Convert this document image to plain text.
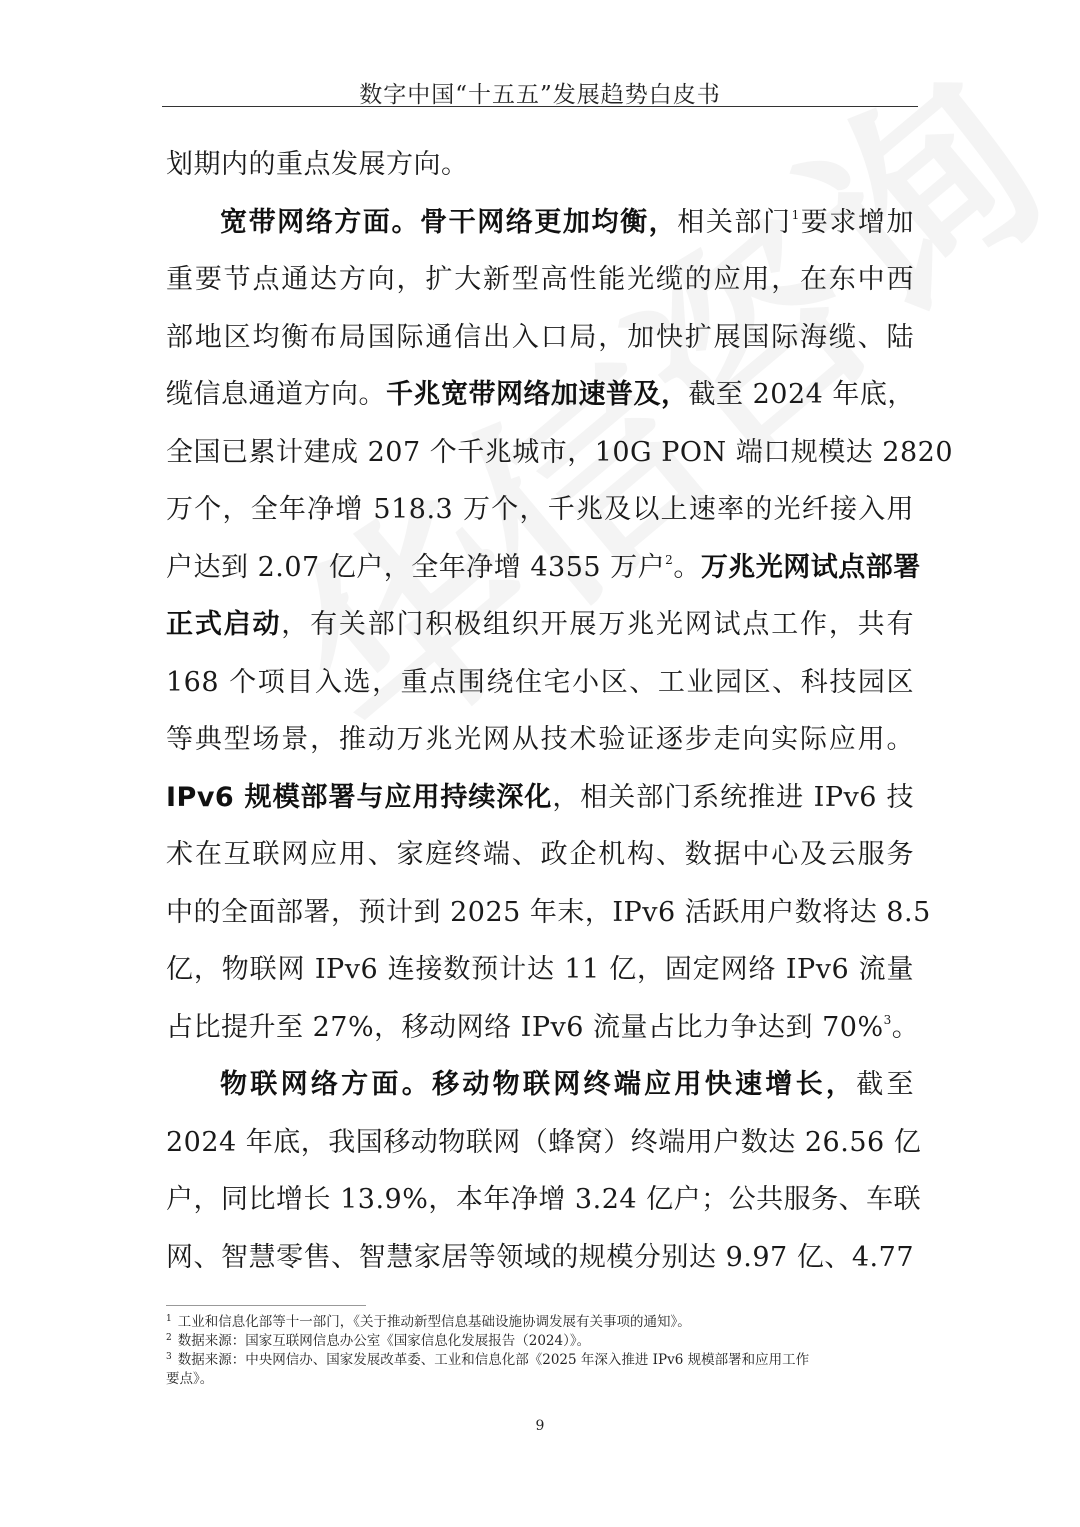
数字中国“十五五”发展趋势白皮书
划期内的重点发展方向。
宽带网络方面。骨干网络更加均衡，相关部门$^1$要求增加
重要节点通达方向，扩大新型高性能光缆的应用，在东中西
部地区均衡布局国际通信出入口局，加快扩展国际海缆、陆
缆信息通道方向。千兆宽带网络加速普及，截至 2024 年底，
全国已累计建成 207 个千兆城市，10G PON 端口规模达 2820
万个，全年净增 518.3 万个，千兆及以上速率的光纤接入用
户达到 2.07 亿户，全年净增 4355 万户$^2$。万兆光网试点部署
正式启动，有关部门积极组织开展万兆光网试点工作，共有
168 个项目入选，重点围绕住宅小区、工业园区、科技园区
等典型场景，推动万兆光网从技术验证逐步走向实际应用。
IPv6 规模部署与应用持续深化，相关部门系统推进 IPv6 技
术在互联网应用、家庭终端、政企机构、数据中心及云服务
中的全面部署，预计到 2025 年末，IPv6 活跃用户数将达 8.5
亿，物联网 IPv6 连接数预计达 11 亿，固定网络 IPv6 流量
占比提升至 27%，移动网络 IPv6 流量占比力争达到 70%$^3$。
物联网络方面。移动物联网终端应用快速增长，截至
2024 年底，我国移动物联网（蜂窝）终端用户数达 26.56 亿
户，同比增长 13.9%，本年净增 3.24 亿户；公共服务、车联
网、智慧零售、智慧家居等领域的规模分别达 9.97 亿、4.77
$^1$ 工业和信息化部等十一部门，《关于推动新型信息基础设施协调发展有关事项的通知》。
$^2$ 数据来源：国家互联网信息办公室《国家信息化发展报告（2024）》。
$^3$ 数据来源：中央网信办、国家发展改革委、工业和信息化部《2025 年深入推进 IPv6 规模部署和应用工作
要点》。
9
